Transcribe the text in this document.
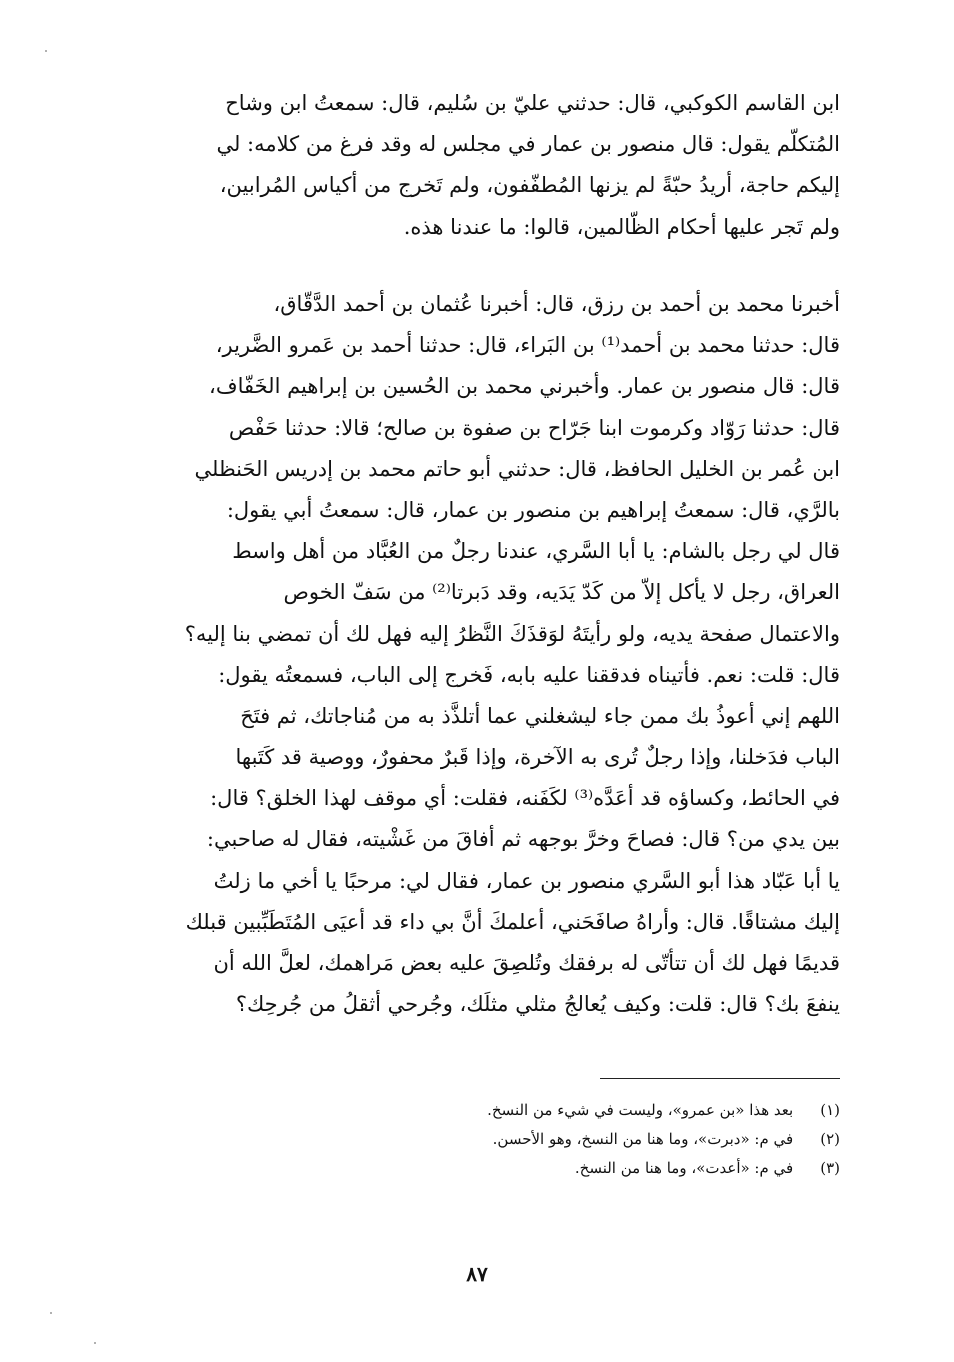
ابن القاسم الكوكبي، قال: حدثني عليّ بن سُليم، قال: سمعتُ ابن وشاح
المُتكلّم يقول: قال منصور بن عمار في مجلس له وقد فرغ من كلامه: لي
إليكم حاجة، أريدُ حبّةً لم يزنها المُطفّفون، ولم تَخرج من أكياس المُرابين،
ولم تَجر عليها أحكام الظّالمين، قالوا: ما عندنا هذه.
أخبرنا محمد بن أحمد بن رزق، قال: أخبرنا عُثمان بن أحمد الدَّقّاق،
قال: حدثنا محمد بن أحمد⁽¹⁾ بن البَراء، قال: حدثنا أحمد بن عَمرو الضَّرير،
قال: قال منصور بن عمار. وأخبرني محمد بن الحُسين بن إبراهيم الخَفّاف،
قال: حدثنا رَوّاد وكرموت ابنا جَرّاح بن صفوة بن صالح؛ قالا: حدثنا حَفْص
ابن عُمر بن الخليل الحافظ، قال: حدثني أبو حاتم محمد بن إدريس الحَنظلي
بالرَّي، قال: سمعتُ إبراهيم بن منصور بن عمار، قال: سمعتُ أبي يقول:
قال لي رجل بالشام: يا أبا السَّري، عندنا رجلٌ من العُبَّاد من أهل واسط
العراق، رجل لا يأكل إلاّ من كَدّ يَدَيه، وقد دَبرتا⁽²⁾ من سَفّ الخوص
والاعتمال صفحة يديه، ولو رأيتَهُ لوَقذَكَ النَّظرُ إليه فهل لك أن تمضي بنا إليه؟
قال: قلت: نعم. فأتيناه فدققنا عليه بابه، فَخرج إلى الباب، فسمعتُه يقول:
اللهم إني أعوذُ بك ممن جاء ليشغلني عما أتلذَّذ به من مُناجاتك، ثم فتَحَ
الباب فدَخلنا، وإذا رجلٌ تُرى به الآخرة، وإذا قَبرٌ محفورٌ، ووصية قد كَتَبها
في الحائط، وكساؤه قد أعَدَّه⁽³⁾ لكَفَنه، فقلت: أي موقف لهذا الخلق؟ قال:
بين يدي من؟ قال: فصاحَ وخرَّ بوجهه ثم أفاقَ من غَشْيته، فقال له صاحبي:
يا أبا عَبّاد هذا أبو السَّري منصور بن عمار، فقال لي: مرحبًا يا أخي ما زلتُ
إليك مشتاقًا. قال: وأراهُ صافَحَني، أعلمكَ أنَّ بي داء قد أعيَى المُتَطَبِّبين قبلك
قديمًا فهل لك أن تتأتّى له برفقك وتُلصِقَ عليه بعض مَراهمك، لعلَّ الله أن
ينفعَ بك؟ قال: قلت: وكيف يُعالجُ مثلي مثلَك، وجُرحي أثقلُ من جُرحِك؟
(١) بعد هذا «بن عمرو»، وليست في شيء من النسخ.
(٢) في م: «دبرت»، وما هنا من النسخ، وهو الأحسن.
(٣) في م: «أعدت»، وما هنا من النسخ.
٨٧
